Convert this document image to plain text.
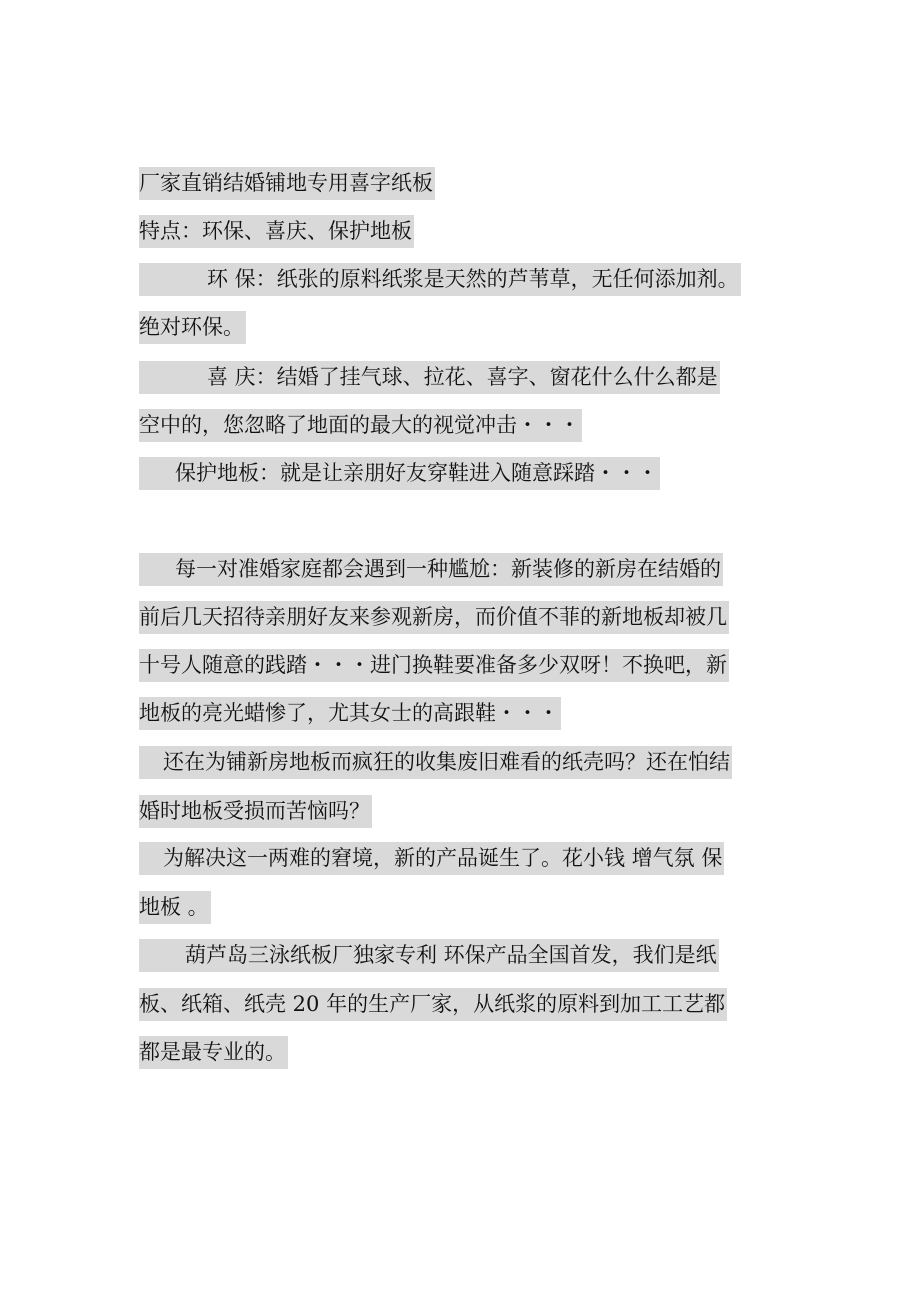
厂家直销结婚铺地专用喜字纸板
特点：环保、喜庆、保护地板
环 保：纸张的原料纸浆是天然的芦苇草，无任何添加剂。
绝对环保。
喜 庆：结婚了挂气球、拉花、喜字、窗花什么什么都是
空中的，您忽略了地面的最大的视觉冲击・・・
保护地板：就是让亲朋好友穿鞋进入随意踩踏・・・
每一对准婚家庭都会遇到一种尴尬：新装修的新房在结婚的
前后几天招待亲朋好友来参观新房，而价值不菲的新地板却被几
十号人随意的践踏・・・进门换鞋要准备多少双呀！不换吧，新
地板的亮光蜡惨了，尤其女士的高跟鞋・・・
还在为铺新房地板而疯狂的收集废旧难看的纸壳吗？还在怕结
婚时地板受损而苦恼吗？
为解决这一两难的窘境，新的产品诞生了。花小钱 增气氛 保
地板 。
葫芦岛三泳纸板厂独家专利 环保产品全国首发，我们是纸
板、纸箱、纸壳 20 年的生产厂家，从纸浆的原料到加工工艺都
都是最专业的。
